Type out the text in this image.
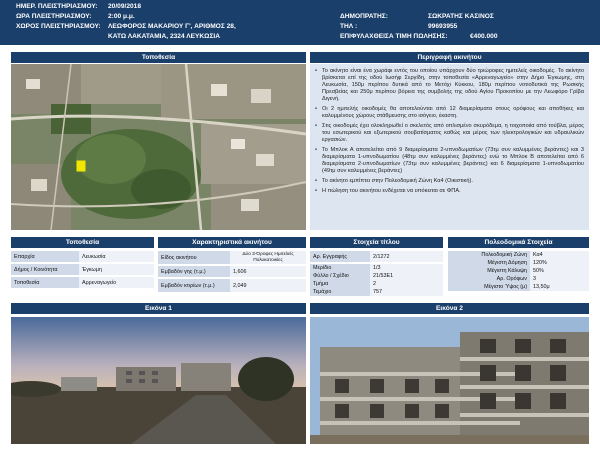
ΗΜΕΡ. ΠΛΕΙΣΤΗΡΙΑΣΜΟΥ: 20/09/2018
ΩΡΑ ΠΛΕΙΣΤΗΡΙΑΣΜΟΥ:	2:00 μ.μ.
ΧΩΡΟΣ ΠΛΕΙΣΤΗΡΙΑΣΜΟΥ: ΛΕΩΦΟΡΟΣ ΜΑΚΑΡΙΟΥ Γ', ΑΡΙΘΜΟΣ 28,
ΚΑΤΩ ΛΑΚΑΤΑΜΙΑ, 2324 ΛΕΥΚΩΣΙΑ
ΔΗΜΟΠΡΑΤΗΣ:	ΣΩΚΡΑΤΗΣ ΚΑΣΙΝΟΣ
ΤΗΛ :	99693955
ΕΠΙΦΥΛΑΧΘΕΙΣΑ ΤΙΜΗ ΠΩΛΗΣΗΣ:	€400.000
Τοποθεσία	Περιγραφή ακινήτου
• Το ακίνητο είναι ένα χωράφι εντός του οποίου υπάρχουν δύο τριώροφες ημιτελείς οικοδομές. Το ακίνητο βρίσκεται επί της οδού Ιωσήφ Σεργίδη, στην τοποθεσία «Αρρεναγωγείο» στην Δήμο Έγκωμης, στη Λευκωσία, 150μ περίπου δυτικά από το Μετόχι Κύκκου, 180μ περίπου νοτιοδυτικά της Ρωσικής Πρεσβείας και 250μ περίπου βόρεια της συμβολής της οδού Αγίου Προκοπίου με την Λεωφόρο Γρίβα Διγενή.
• Οι 2 ημιτελής οικοδομές θα αποτελούνται από 12 διαμερίσματα στους ορόφους και αποθήκες και καλυμμένους χώρους στάθμευσης στο ισόγειο, έκαστη.
• Στις οικοδομές έχει ολοκληρωθεί ο σκελετός από οπλισμένο σκυρόδεμα, η τοιχοποιία από τούβλα, μέρος του εσωτερικού και εξωτερικού σουβατίσματος καθώς και μέρος των ηλεκτρολογικών και υδραυλικών εργασιών.
• Το Μπλοκ Α αποτελείται από 9 διαμερίσματα 2-υπνοδωματίων (73τμ συν καλυμμένες βεράντες) και 3 διαμερίσματα 1-υπνοδωματίου (48τμ συν καλυμμένες βεράντες) ενώ το Μπλοκ Β αποτελείται από 6 διαμερίσματα 2-υπνοδωματίων (73τμ συν καλυμμένες βεράντες) και 6 διαμερίσματα 1-υπνοδωματίου (49τμ συν καλυμμένες βεράντες)
• Το ακίνητο εμπίπτει στην Πολεοδομική Ζώνη Κα4 (Οικιστική).
• Η πώληση του ακινήτου ενδέχεται να υπόκειται σε ΦΠΑ.
Τοποθεσία	Χαρακτηριστικά ακινήτου	Στοιχεία τίτλου	Πολεοδομικά Στοιχεία
Επαρχία	Λευκωσία

Δήμος / Κοινότητα	Έγκωμη

Τοποθεσία	Αρρεναγωγείο
Είδος ακινήτου	Δύο 3-Όροφες Ημιτελείς Πολυκατοικίες

Εμβαδόν γης (τ.μ.)	1,606

Εμβαδόν κτιρίων (τ.μ.)	2,049
Αρ. Εγγραφής	2/1272

Μερίδιο	1/3
Φύλλο / Σχέδιο	21/53E1
Τμήμα	2
Τεμάχιο	757
Πολεοδομική Ζώνη	Κα4
Μέγιστη Δόμηση	120%
Μέγιστη Κάλυψη	50%
Αρ. Ορόφων	3
Μέγιστο Ύψος (μ)	13,50μ
Εικόνα 1	Εικόνα 2
